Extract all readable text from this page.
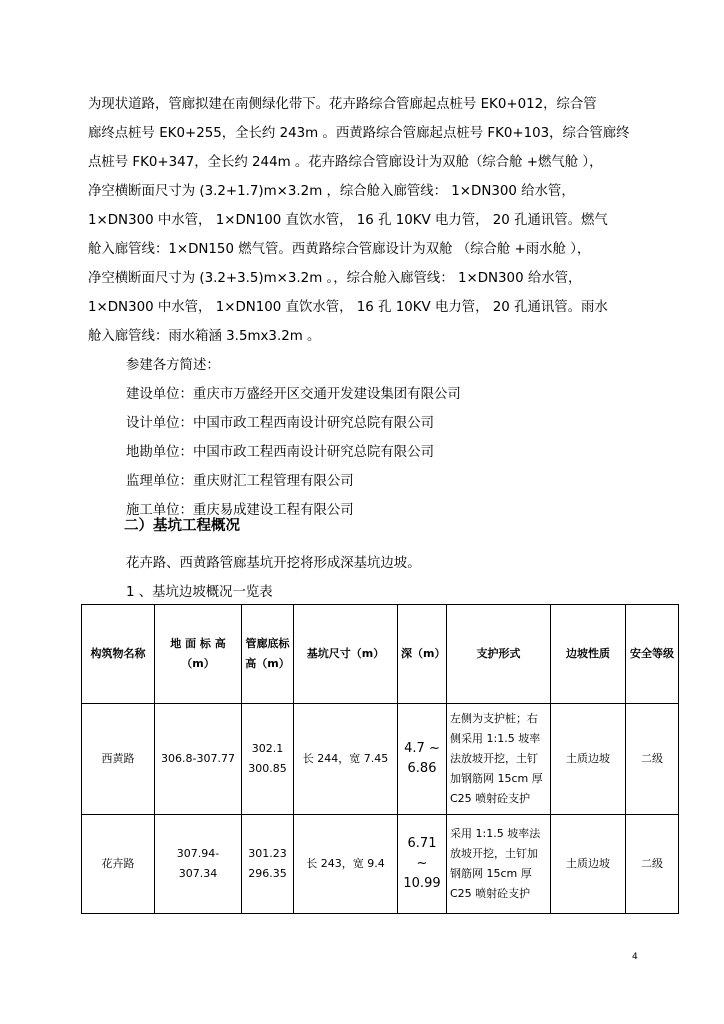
为现状道路，管廊拟建在南侧绿化带下。花卉路综合管廊起点桩号 EK0+012，综合管
廊终点桩号 EK0+255，全长约 243m 。西黄路综合管廊起点桩号 FK0+103，综合管廊终
点桩号 FK0+347，全长约 244m 。花卉路综合管廊设计为双舱（综合舱 +燃气舱 ），
净空横断面尺寸为 (3.2+1.7)m×3.2m ，综合舱入廊管线： 1×DN300 给水管，
1×DN300 中水管， 1×DN100 直饮水管， 16 孔 10KV 电力管， 20 孔通讯管。燃气
舱入廊管线：1×DN150 燃气管。西黄路综合管廊设计为双舱 （综合舱 +雨水舱 ），
净空横断面尺寸为 (3.2+3.5)m×3.2m 。，综合舱入廊管线： 1×DN300 给水管，
1×DN300 中水管， 1×DN100 直饮水管， 16 孔 10KV 电力管， 20 孔通讯管。雨水
舱入廊管线：雨水箱涵 3.5mx3.2m 。
参建各方简述：
建设单位：重庆市万盛经开区交通开发建设集团有限公司
设计单位：中国市政工程西南设计研究总院有限公司
地勘单位：中国市政工程西南设计研究总院有限公司
监理单位：重庆财汇工程管理有限公司
施工单位：重庆易成建设工程有限公司
二）基坑工程概况
花卉路、西黄路管廊基坑开挖将形成深基坑边坡。
1 、基坑边坡概况一览表
构筑物名称	地 面 标 高 （m）	管廊底标高（m）	基坑尺寸（m）	深（m）	支护形式	边坡性质	安全等级
西黄路	306.8-307.77	302.1 300.85	长 244，宽 7.45	4.7 ~ 6.86	左侧为支护桩；右侧采用 1:1.5 坡率法放坡开挖，土钉加钢筋网 15cm 厚 C25 喷射砼支护	土质边坡	二级
花卉路	307.94-307.34	301.23 296.35	长 243，宽 9.4	6.71 ~ 10.99	采用 1:1.5 坡率法放坡开挖，土钉加钢筋网 15cm 厚 C25 喷射砼支护	土质边坡	二级
4
